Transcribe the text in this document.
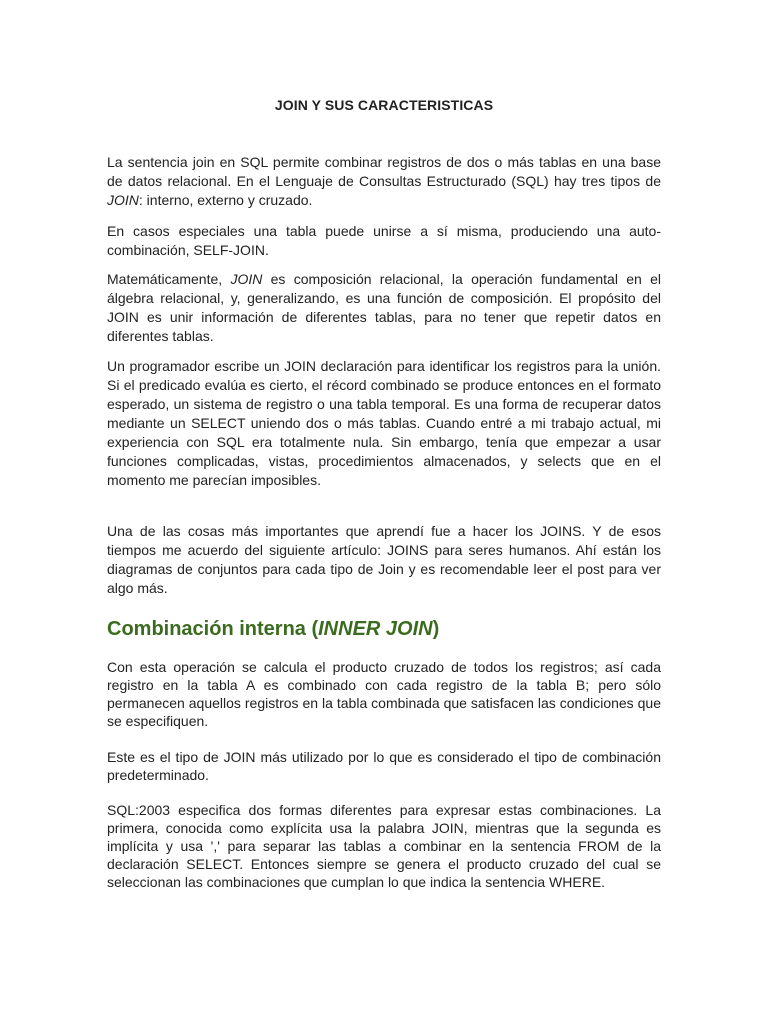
JOIN Y SUS CARACTERISTICAS

La sentencia join en SQL permite combinar registros de dos o más tablas en una base de datos relacional. En el Lenguaje de Consultas Estructurado (SQL) hay tres tipos de JOIN: interno, externo y cruzado.

En casos especiales una tabla puede unirse a sí misma, produciendo una auto-combinación, SELF-JOIN.

Matemáticamente, JOIN es composición relacional, la operación fundamental en el álgebra relacional, y, generalizando, es una función de composición. El propósito del JOIN es unir información de diferentes tablas, para no tener que repetir datos en diferentes tablas.

Un programador escribe un JOIN declaración para identificar los registros para la unión. Si el predicado evalúa es cierto, el récord combinado se produce entonces en el formato esperado, un sistema de registro o una tabla temporal. Es una forma de recuperar datos mediante un SELECT uniendo dos o más tablas. Cuando entré a mi trabajo actual, mi experiencia con SQL era totalmente nula. Sin embargo, tenía que empezar a usar funciones complicadas, vistas, procedimientos almacenados, y selects que en el momento me parecían imposibles.

Una de las cosas más importantes que aprendí fue a hacer los JOINS. Y de esos tiempos me acuerdo del siguiente artículo: JOINS para seres humanos. Ahí están los diagramas de conjuntos para cada tipo de Join y es recomendable leer el post para ver algo más.

Combinación interna (INNER JOIN)

Con esta operación se calcula el producto cruzado de todos los registros; así cada registro en la tabla A es combinado con cada registro de la tabla B; pero sólo permanecen aquellos registros en la tabla combinada que satisfacen las condiciones que se especifiquen.

Este es el tipo de JOIN más utilizado por lo que es considerado el tipo de combinación predeterminado.

SQL:2003 especifica dos formas diferentes para expresar estas combinaciones. La primera, conocida como explícita usa la palabra JOIN, mientras que la segunda es implícita y usa ',' para separar las tablas a combinar en la sentencia FROM de la declaración SELECT. Entonces siempre se genera el producto cruzado del cual se seleccionan las combinaciones que cumplan lo que indica la sentencia WHERE.
